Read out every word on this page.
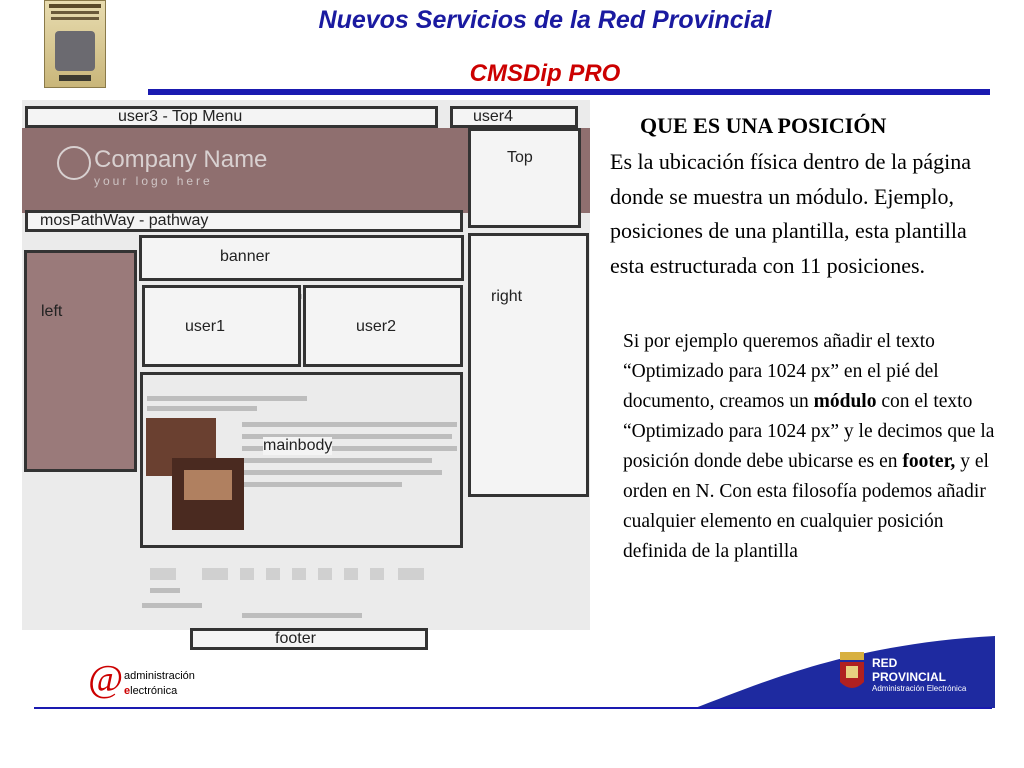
Nuevos Servicios de la Red Provincial
CMSDip PRO
Company Name
your logo here
user3 - Top Menu	user4
Top
mosPathWay - pathway
banner
right
left
user1	user2
mainbody
footer
QUE ES UNA POSICIÓN
Es la ubicación física dentro de la página donde se muestra un módulo. Ejemplo, posiciones de una plantilla, esta plantilla esta estructurada con 11 posiciones.
Si por ejemplo queremos añadir el texto “Optimizado para 1024 px” en el pié del documento, creamos un módulo con el texto “Optimizado para 1024 px” y le decimos que la posición donde debe ubicarse es en footer, y el orden en N. Con esta filosofía podemos añadir cualquier elemento en cualquier posición definida de la plantilla
@ administración
electrónica
RED
PROVINCIAL
Administración Electrónica
